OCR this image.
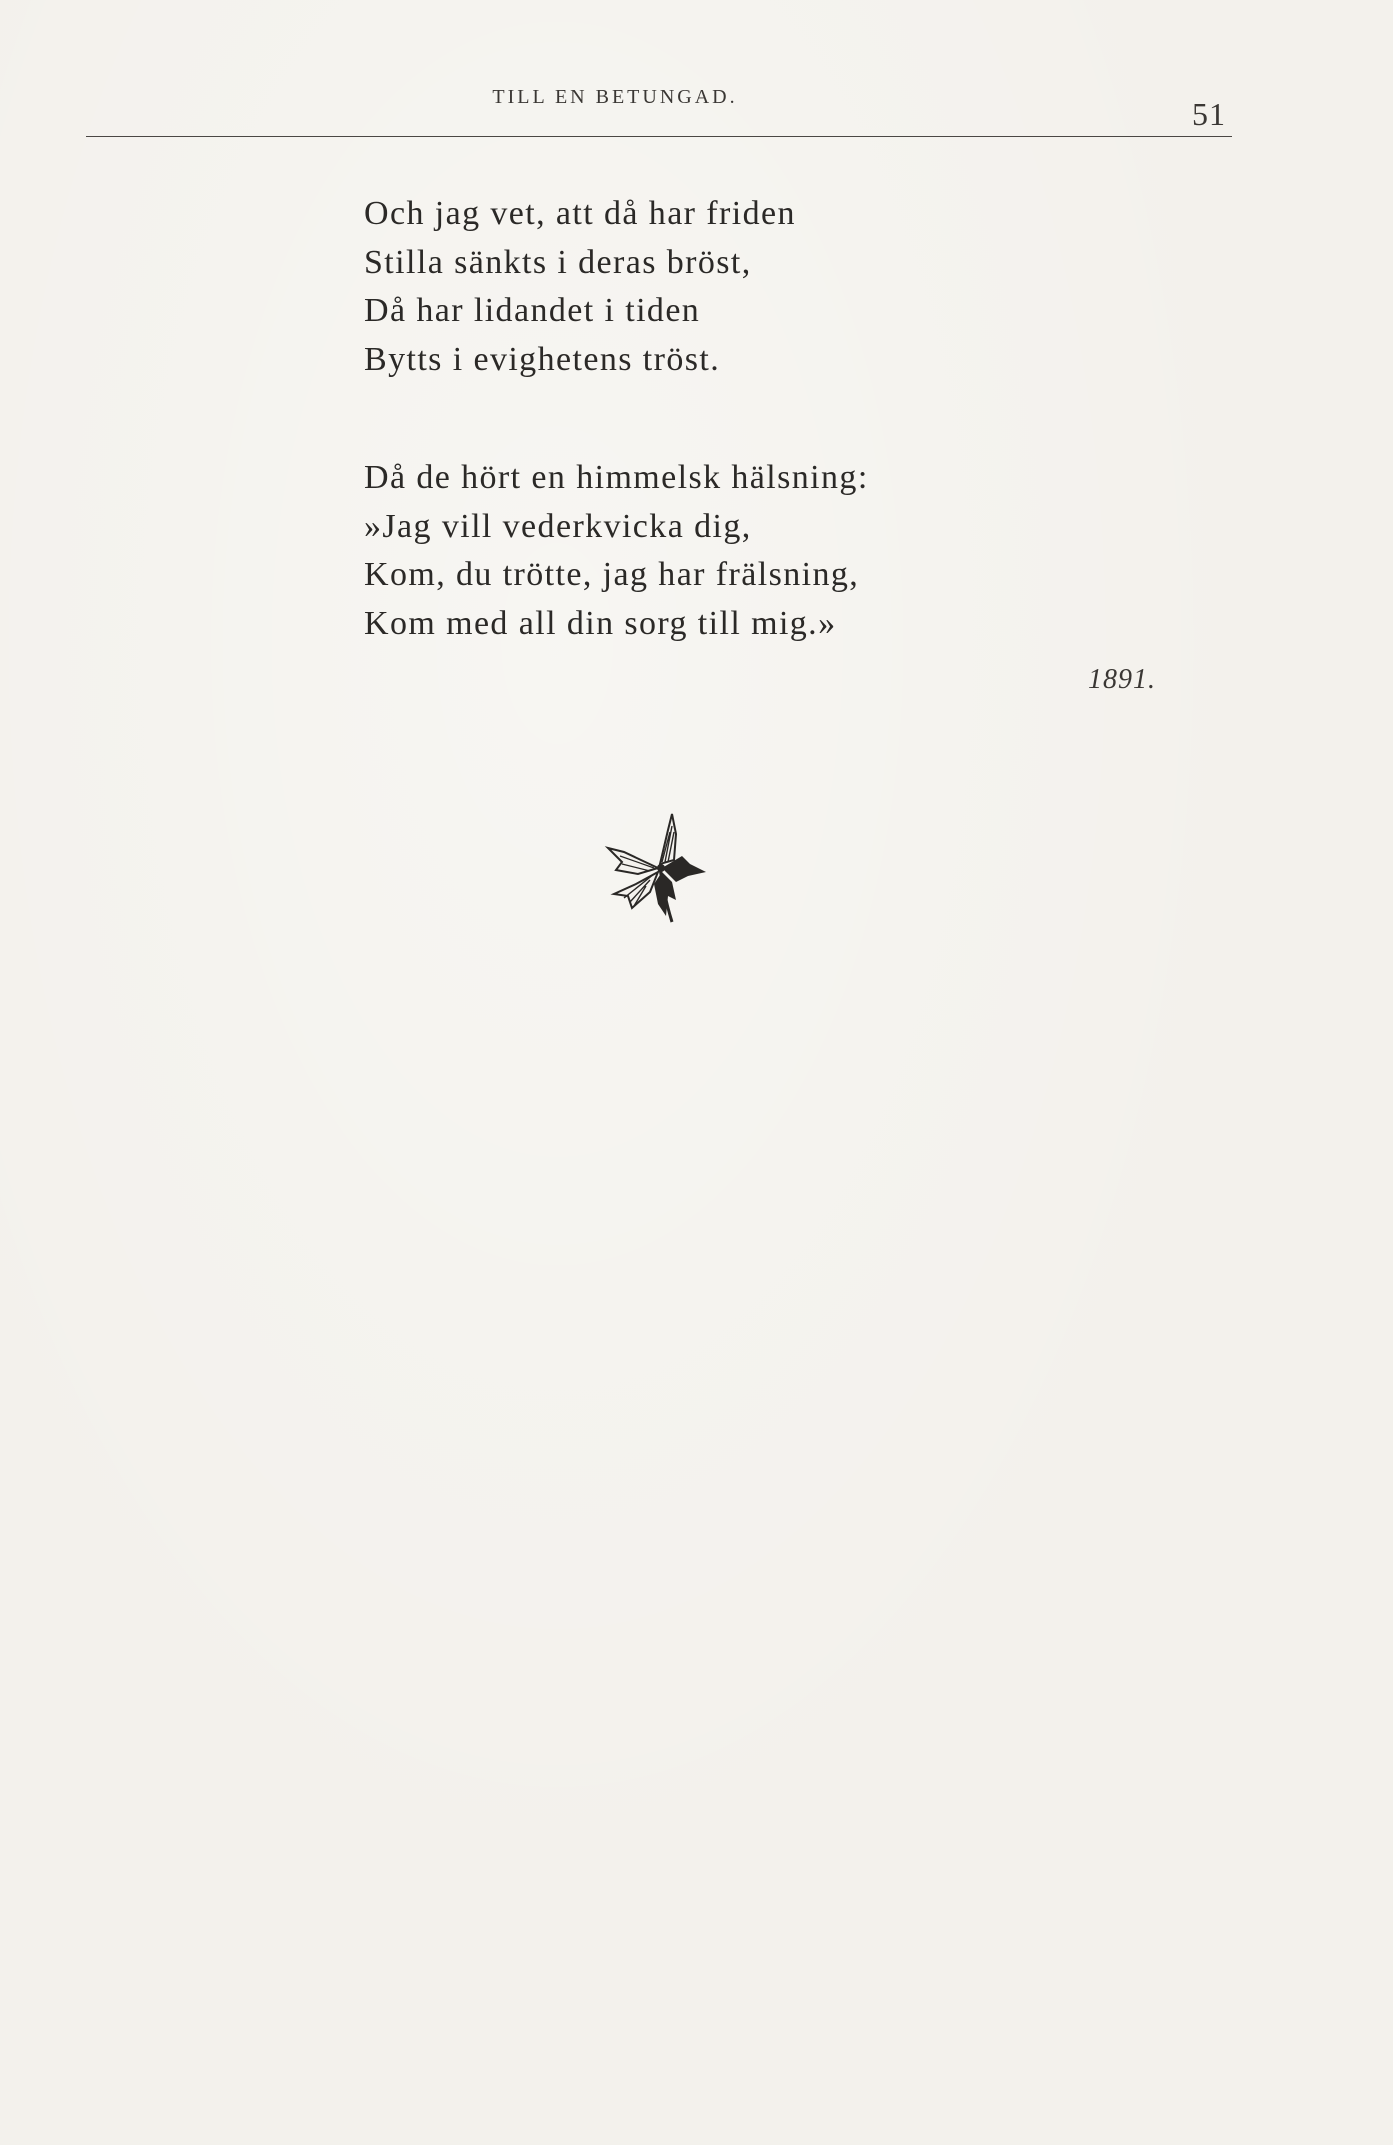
TILL EN BETUNGAD.	51
Och jag vet, att då har friden
Stilla sänkts i deras bröst,
Då har lidandet i tiden
Bytts i evighetens tröst.
Då de hört en himmelsk hälsning:
»Jag vill vederkvicka dig,
Kom, du trötte, jag har frälsning,
Kom med all din sorg till mig.»
1891.
